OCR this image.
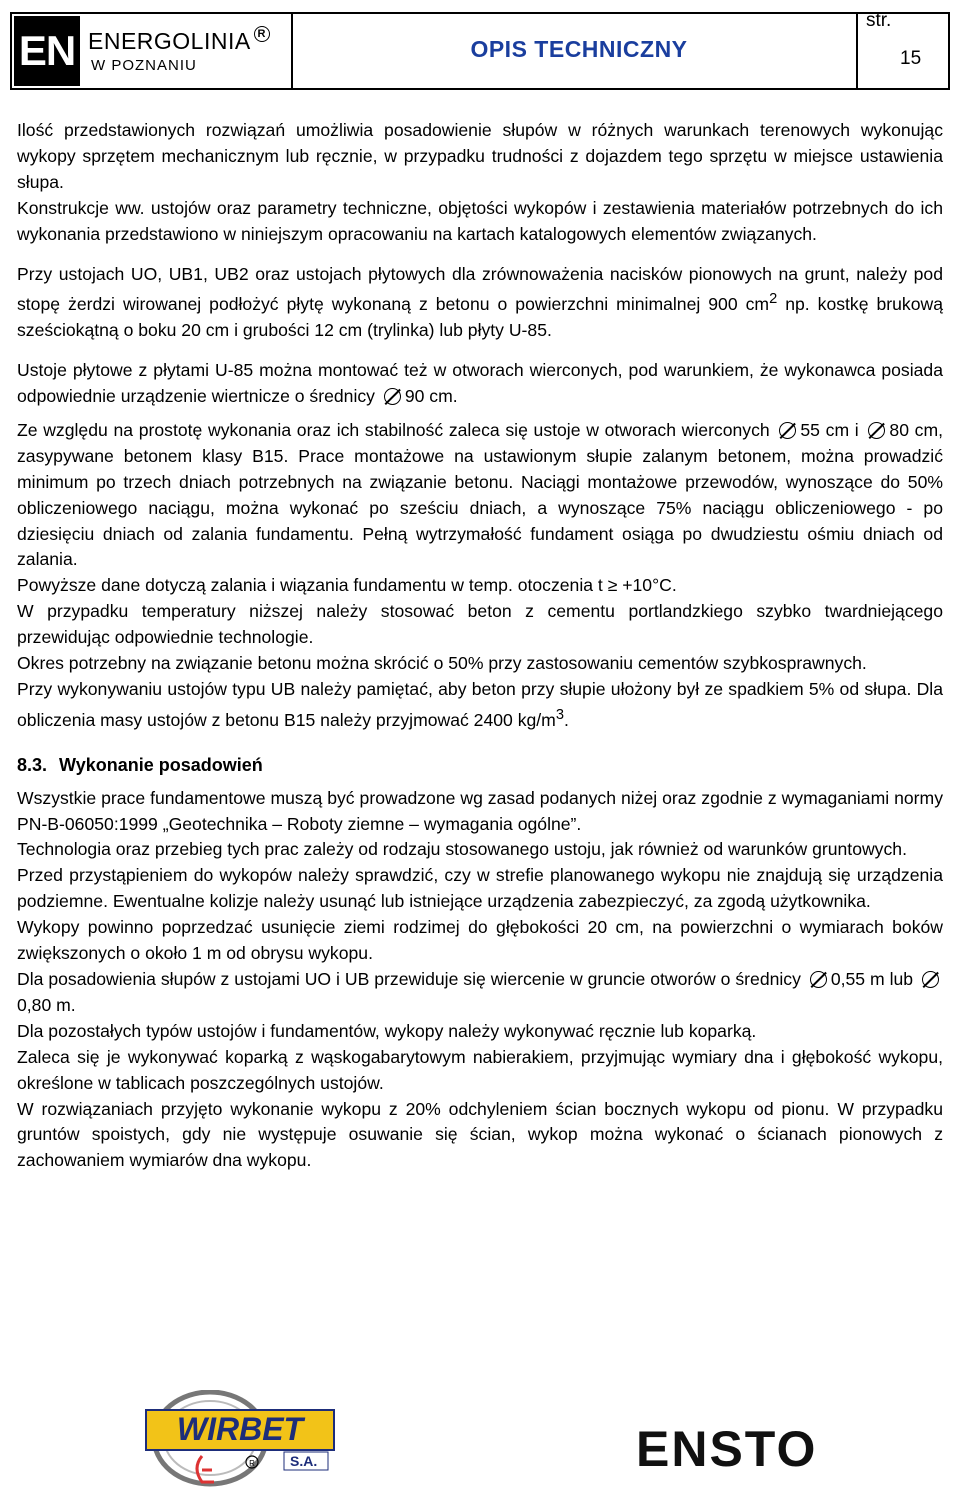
EN ENERGOLINIA R
W POZNANIU
OPIS TECHNICZNY
str.
15

Ilość przedstawionych rozwiązań umożliwia posadowienie słupów w różnych warunkach terenowych wykonując wykopy sprzętem mechanicznym lub ręcznie, w przypadku trudności z dojazdem tego sprzętu w miejsce ustawienia słupa.

Konstrukcje ww. ustojów oraz parametry techniczne, objętości wykopów i zestawienia materiałów potrzebnych do ich wykonania przedstawiono w niniejszym opracowaniu na kartach katalogowych elementów związanych.

Przy ustojach UO, UB1, UB2 oraz ustojach płytowych dla zrównoważenia nacisków pionowych na grunt, należy pod stopę żerdzi wirowanej podłożyć płytę wykonaną z betonu o powierzchni minimalnej 900 $cm^2$ np. kostkę brukową sześciokątną o boku 20 cm i grubości 12 cm (trylinka) lub płyty U-85.

Ustoje płytowe z płytami U-85 można montować też w otworach wierconych, pod warunkiem, że wykonawca posiada odpowiednie urządzenie wiertnicze o średnicy 90 cm.

Ze względu na prostotę wykonania oraz ich stabilność zaleca się ustoje w otworach wierconych 55 cm i 80 cm, zasypywane betonem klasy B15. Prace montażowe na ustawionym słupie zalanym betonem, można prowadzić minimum po trzech dniach potrzebnych na związanie betonu. Naciągi montażowe przewodów, wynoszące do 50% obliczeniowego naciągu, można wykonać po sześciu dniach, a wynoszące 75% naciągu obliczeniowego - po dziesięciu dniach od zalania fundamentu. Pełną wytrzymałość fundament osiąga po dwudziestu ośmiu dniach od zalania.

Powyższe dane dotyczą zalania i wiązania fundamentu w temp. otoczenia t ≥ +10°C.

W przypadku temperatury niższej należy stosować beton z cementu portlandzkiego szybko twardniejącego przewidując odpowiednie technologie.

Okres potrzebny na związanie betonu można skrócić o 50% przy zastosowaniu cementów szybkosprawnych.

Przy wykonywaniu ustojów typu UB należy pamiętać, aby beton przy słupie ułożony był ze spadkiem 5% od słupa. Dla obliczenia masy ustojów z betonu B15 należy przyjmować 2400 $kg/m^3$.

8.3. Wykonanie posadowień

Wszystkie prace fundamentowe muszą być prowadzone wg zasad podanych niżej oraz zgodnie z wymaganiami normy PN-B-06050:1999 „Geotechnika – Roboty ziemne – wymagania ogólne”.

Technologia oraz przebieg tych prac zależy od rodzaju stosowanego ustoju, jak również od warunków gruntowych.

Przed przystąpieniem do wykopów należy sprawdzić, czy w strefie planowanego wykopu nie znajdują się urządzenia podziemne. Ewentualne kolizje należy usunąć lub istniejące urządzenia zabezpieczyć, za zgodą użytkownika.

Wykopy powinno poprzedzać usunięcie ziemi rodzimej do głębokości 20 cm, na powierzchni o wymiarach boków zwiększonych o około 1 m od obrysu wykopu.

Dla posadowienia słupów z ustojami UO i UB przewiduje się wiercenie w gruncie otworów o średnicy 0,55 m lub 0,80 m.

Dla pozostałych typów ustojów i fundamentów, wykopy należy wykonywać ręcznie lub koparką.

Zaleca się je wykonywać koparką z wąskogabarytowym nabierakiem, przyjmując wymiary dna i głębokość wykopu, określone w tablicach poszczególnych ustojów.

W rozwiązaniach przyjęto wykonanie wykopu z 20% odchyleniem ścian bocznych wykopu od pionu. W przypadku gruntów spoistych, gdy nie występuje osuwanie się ścian, wykop można wykonać o ścianach pionowych z zachowaniem wymiarów dna wykopu.

WIRBET
R	S.A.	ENSTO
